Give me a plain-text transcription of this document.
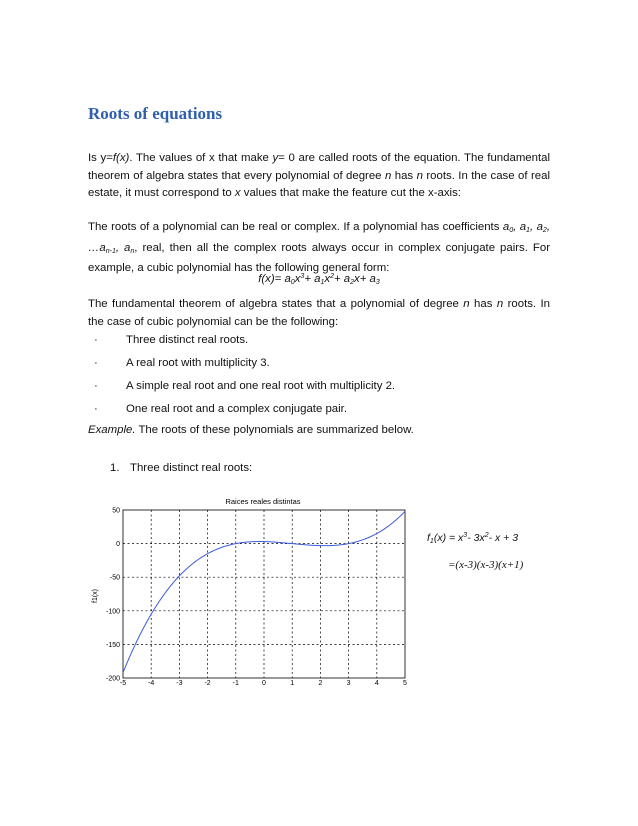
Roots of equations
Is y=f(x). The values of x that make y= 0 are called roots of the equation. The fundamental theorem of algebra states that every polynomial of degree n has n roots. In the case of real estate, it must correspond to x values that make the feature cut the x-axis:
The roots of a polynomial can be real or complex. If a polynomial has coefficients $a_0$, $a_1$, $a_2$, $\dots a_{n-1}$, $a_n$, real, then all the complex roots always occur in complex conjugate pairs. For example, a cubic polynomial has the following general form:
$f(x)= a_0x^3+ a_1x^2+ a_2x+ a_3$
The fundamental theorem of algebra states that a polynomial of degree n has n roots. In the case of cubic polynomial can be the following:
· Three distinct real roots.
· A real root with multiplicity 3.
· A simple real root and one real root with multiplicity 2.
· One real root and a complex conjugate pair.
Example. The roots of these polynomials are summarized below.
1. Three distinct real roots:
Raices reales distintas
f1(x)
-5	-4	-3	-2	-1	0	1	2	3	4	5
50
0
-50
-100
-150
-200
$f_1(x) = x^3-$ $3x^2-$ x + 3
=(x-3)(x-3)(x+1)
